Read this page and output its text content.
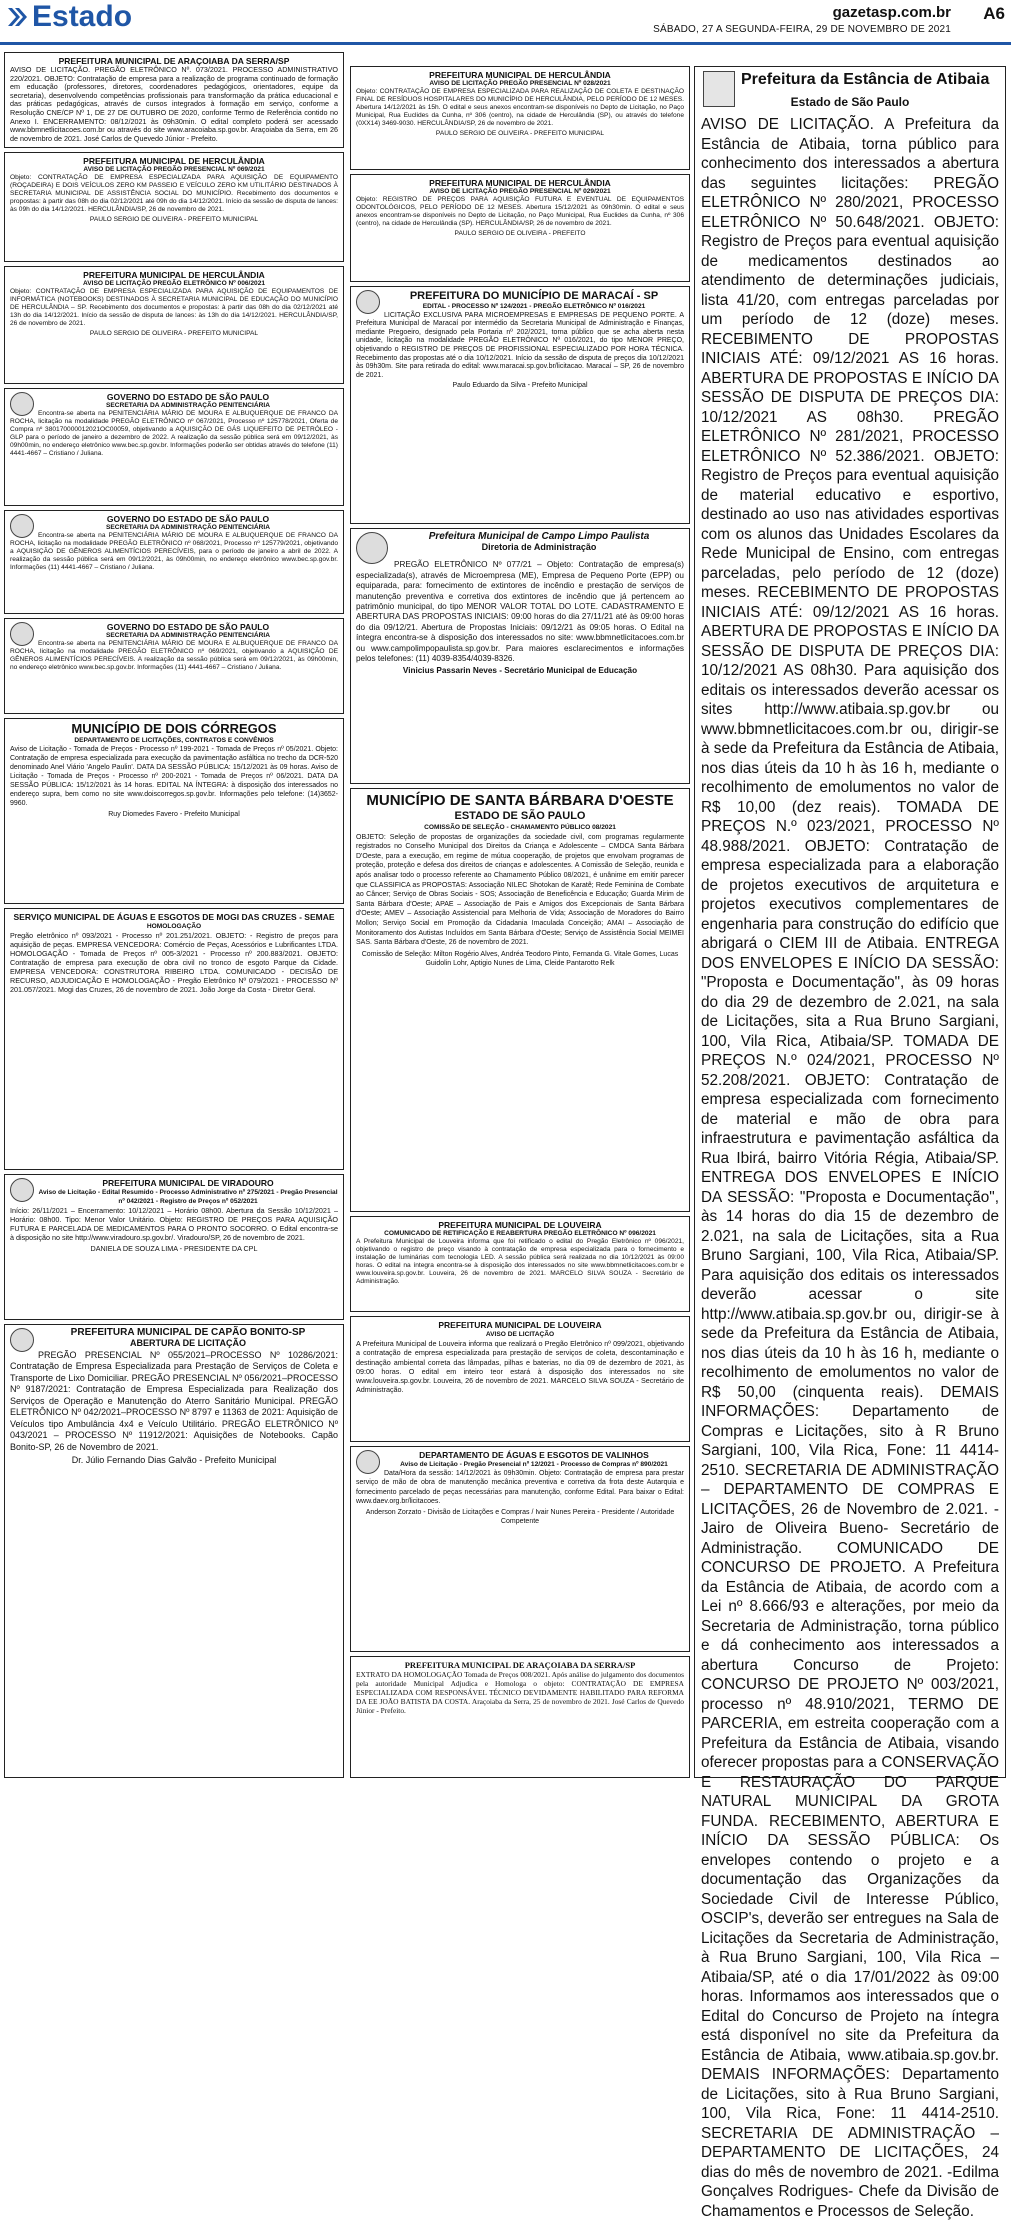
Estado	gazetasp.com.br
SÁBADO, 27 A SEGUNDA-FEIRA, 29 DE NOVEMBRO DE 2021
A6
PREFEITURA MUNICIPAL DE ARAÇOIABA DA SERRA/SP

AVISO DE LICITAÇÃO. PREGÃO ELETRÔNICO Nº. 073/2021. PROCESSO ADMINISTRATIVO 220/2021. OBJETO: Contratação de empresa para a realização de programa continuado de formação em educação (professores, diretores, coordenadores pedagógicos, orientadores, equipe da secretaria), desenvolvendo competências profissionais para transformação da prática educacional e das práticas pedagógicas, através de cursos integrados à formação em serviço, conforme a Resolução CNE/CP Nº 1, DE 27 DE OUTUBRO DE 2020, conforme Termo de Referência contido no Anexo I. ENCERRAMENTO: 08/12/2021 às 09h30min. O edital completo poderá ser acessado www.bbmnetlicitacoes.com.br ou através do site www.aracoiaba.sp.gov.br. Araçoiaba da Serra, em 26 de novembro de 2021. José Carlos de Quevedo Júnior - Prefeito.

PREFEITURA MUNICIPAL DE HERCULÂNDIA
AVISO DE LICITAÇÃO PREGÃO PRESENCIAL Nº 069/2021

Objeto: CONTRATAÇÃO DE EMPRESA ESPECIALIZADA PARA AQUISIÇÃO DE EQUIPAMENTO (ROÇADEIRA) E DOIS VEÍCULOS ZERO KM PASSEIO E VEÍCULO ZERO KM UTILITÁRIO DESTINADOS À SECRETARIA MUNICIPAL DE ASSISTÊNCIA SOCIAL DO MUNICÍPIO. Recebimento dos documentos e propostas: à partir das 08h do dia 02/12/2021 até 09h do dia 14/12/2021. Início da sessão de disputa de lances: às 09h do dia 14/12/2021. HERCULÂNDIA/SP, 26 de novembro de 2021.

PAULO SERGIO DE OLIVEIRA - PREFEITO MUNICIPAL

PREFEITURA MUNICIPAL DE HERCULÂNDIA
AVISO DE LICITAÇÃO PREGÃO ELETRÔNICO Nº 006/2021

Objeto: CONTRATAÇÃO DE EMPRESA ESPECIALIZADA PARA AQUISIÇÃO DE EQUIPAMENTOS DE INFORMÁTICA (NOTEBOOKS) DESTINADOS À SECRETARIA MUNICIPAL DE EDUCAÇÃO DO MUNICÍPIO DE HERCULÂNDIA – SP. Recebimento dos documentos e propostas: à partir das 08h do dia 02/12/2021 até 13h do dia 14/12/2021. Início da sessão de disputa de lances: às 13h do dia 14/12/2021. HERCULÂNDIA/SP, 26 de novembro de 2021.

PAULO SERGIO DE OLIVEIRA - PREFEITO MUNICIPAL

GOVERNO DO ESTADO DE SÃO PAULO
SECRETARIA DA ADMINISTRAÇÃO PENITENCIÁRIA

Encontra-se aberta na PENITENCIÁRIA MÁRIO DE MOURA E ALBUQUERQUE DE FRANCO DA ROCHA, licitação na modalidade PREGÃO ELETRÔNICO nº 067/2021, Processo nº 125778/2021, Oferta de Compra nº 380170000012021OC00059, objetivando a AQUISIÇÃO DE GÁS LIQUEFEITO DE PETRÓLEO - GLP para o período de janeiro a dezembro de 2022. A realização da sessão pública será em 09/12/2021, às 09h00min, no endereço eletrônico www.bec.sp.gov.br. Informações poderão ser obtidas através do telefone (11) 4441-4667 – Cristiano / Juliana.

GOVERNO DO ESTADO DE SÃO PAULO
SECRETARIA DA ADMINISTRAÇÃO PENITENCIÁRIA

Encontra-se aberta na PENITENCIÁRIA MÁRIO DE MOURA E ALBUQUERQUE DE FRANCO DA ROCHA, licitação na modalidade PREGÃO ELETRÔNICO nº 068/2021, Processo nº 125779/2021, objetivando a AQUISIÇÃO DE GÊNEROS ALIMENTÍCIOS PERECÍVEIS, para o período de janeiro a abril de 2022. A realização da sessão pública será em 09/12/2021, às 09h00min, no endereço eletrônico www.bec.sp.gov.br. Informações (11) 4441-4667 – Cristiano / Juliana.

GOVERNO DO ESTADO DE SÃO PAULO
SECRETARIA DA ADMINISTRAÇÃO PENITENCIÁRIA

Encontra-se aberta na PENITENCIÁRIA MÁRIO DE MOURA E ALBUQUERQUE DE FRANCO DA ROCHA, licitação na modalidade PREGÃO ELETRÔNICO nº 069/2021, objetivando a AQUISIÇÃO DE GÊNEROS ALIMENTÍCIOS PERECÍVEIS. A realização da sessão pública será em 09/12/2021, às 09h00min, no endereço eletrônico www.bec.sp.gov.br. Informações (11) 4441-4667 – Cristiano / Juliana.

MUNICÍPIO DE DOIS CÓRREGOS
DEPARTAMENTO DE LICITAÇÕES, CONTRATOS E CONVÊNIOS

Aviso de Licitação - Tomada de Preços - Processo nº 199-2021 - Tomada de Preços nº 05/2021. Objeto: Contratação de empresa especializada para execução da pavimentação asfáltica no trecho da DCR-520 denominado Anel Viário 'Angelo Paulin'. DATA DA SESSÃO PÚBLICA: 15/12/2021 às 09 horas. Aviso de Licitação - Tomada de Preços - Processo nº 200-2021 - Tomada de Preços nº 06/2021. DATA DA SESSÃO PÚBLICA: 15/12/2021 às 14 horas. EDITAL NA ÍNTEGRA: à disposição dos interessados no endereço supra, bem como no site www.doiscorregos.sp.gov.br. Informações pelo telefone: (14)3652-9960.

Ruy Diomedes Favero - Prefeito Municipal

SERVIÇO MUNICIPAL DE ÁGUAS E ESGOTOS DE MOGI DAS CRUZES - SEMAE
HOMOLOGAÇÃO

Pregão eletrônico nº 093/2021 - Processo nº 201.251/2021. OBJETO: - Registro de preços para aquisição de peças. EMPRESA VENCEDORA: Comércio de Peças, Acessórios e Lubrificantes LTDA. HOMOLOGAÇÃO - Tomada de Preços nº 005-3/2021 - Processo nº 200.883/2021. OBJETO: Contratação de empresa para execução de obra civil no tronco de esgoto Parque da Cidade. EMPRESA VENCEDORA: CONSTRUTORA RIBEIRO LTDA. COMUNICADO - DECISÃO DE RECURSO, ADJUDICAÇÃO E HOMOLOGAÇÃO - Pregão Eletrônico Nº 079/2021 - PROCESSO Nº 201.057/2021. Mogi das Cruzes, 26 de novembro de 2021. João Jorge da Costa - Diretor Geral.

PREFEITURA MUNICIPAL DE VIRADOURO
Aviso de Licitação - Edital Resumido - Processo Administrativo nº 275/2021 - Pregão Presencial nº 042/2021 - Registro de Preços nº 052/2021

Início: 26/11/2021 – Encerramento: 10/12/2021 – Horário 08h00. Abertura da Sessão 10/12/2021 – Horário: 08h00. Tipo: Menor Valor Unitário. Objeto: REGISTRO DE PREÇOS PARA AQUISIÇÃO FUTURA E PARCELADA DE MEDICAMENTOS PARA O PRONTO SOCORRO. O Edital encontra-se à disposição no site http://www.viradouro.sp.gov.br/. Viradouro/SP, 26 de novembro de 2021.

DANIELA DE SOUZA LIMA - PRESIDENTE DA CPL

PREFEITURA MUNICIPAL DE CAPÃO BONITO-SP
ABERTURA DE LICITAÇÃO

PREGÃO PRESENCIAL Nº 055/2021–PROCESSO Nº 10286/2021: Contratação de Empresa Especializada para Prestação de Serviços de Coleta e Transporte de Lixo Domiciliar. PREGÃO PRESENCIAL Nº 056/2021–PROCESSO Nº 9187/2021: Contratação de Empresa Especializada para Realização dos Serviços de Operação e Manutenção do Aterro Sanitário Municipal. PREGÃO ELETRÔNICO Nº 042/2021–PROCESSO Nº 8797 e 11363 de 2021: Aquisição de Veículos tipo Ambulância 4x4 e Veículo Utilitário. PREGÃO ELETRÔNICO Nº 043/2021 – PROCESSO Nº 11912/2021: Aquisições de Notebooks. Capão Bonito-SP, 26 de Novembro de 2021.

Dr. Júlio Fernando Dias Galvão - Prefeito Municipal

PREFEITURA MUNICIPAL DE HERCULÂNDIA
AVISO DE LICITAÇÃO PREGÃO PRESENCIAL Nº 028/2021

Objeto: CONTRATAÇÃO DE EMPRESA ESPECIALIZADA PARA REALIZAÇÃO DE COLETA E DESTINAÇÃO FINAL DE RESÍDUOS HOSPITALARES DO MUNICÍPIO DE HERCULÂNDIA, PELO PERÍODO DE 12 MESES. Abertura 14/12/2021 às 15h. O edital e seus anexos encontram-se disponíveis no Depto de Licitação, no Paço Municipal, Rua Euclides da Cunha, nº 306 (centro), na cidade de Herculândia (SP), ou através do telefone (0XX14) 3469-9030. HERCULÂNDIA/SP, 26 de novembro de 2021.

PAULO SERGIO DE OLIVEIRA - PREFEITO MUNICIPAL

PREFEITURA MUNICIPAL DE HERCULÂNDIA
AVISO DE LICITAÇÃO PREGÃO PRESENCIAL Nº 029/2021

Objeto: REGISTRO DE PREÇOS PARA AQUISIÇÃO FUTURA E EVENTUAL DE EQUIPAMENTOS ODONTOLÓGICOS, PELO PERÍODO DE 12 MESES. Abertura 15/12/2021 às 09h30min. O edital e seus anexos encontram-se disponíveis no Depto de Licitação, no Paço Municipal, Rua Euclides da Cunha, nº 306 (centro), na cidade de Herculândia (SP). HERCULÂNDIA/SP, 26 de novembro de 2021.

PAULO SERGIO DE OLIVEIRA - PREFEITO

PREFEITURA DO MUNICÍPIO DE MARACAÍ - SP
EDITAL - PROCESSO Nº 124/2021 - PREGÃO ELETRÔNICO Nº 016/2021

LICITAÇÃO EXCLUSIVA PARA MICROEMPRESAS E EMPRESAS DE PEQUENO PORTE. A Prefeitura Municipal de Maracaí por intermédio da Secretaria Municipal de Administração e Finanças, mediante Pregoeiro, designado pela Portaria nº 202/2021, torna público que se acha aberta nesta unidade, licitação na modalidade PREGÃO ELETRÔNICO Nº 016/2021, do tipo MENOR PREÇO, objetivando o REGISTRO DE PREÇOS DE PROFISSIONAL ESPECIALIZADO POR HORA TÉCNICA. Recebimento das propostas até o dia 10/12/2021. Início da sessão de disputa de preços dia 10/12/2021 às 09h30m. Site para retirada do edital: www.maracai.sp.gov.br/licitacao. Maracaí – SP, 26 de novembro de 2021.

Paulo Eduardo da Silva - Prefeito Municipal

Prefeitura Municipal de Campo Limpo Paulista
Diretoria de Administração

PREGÃO ELETRÔNICO Nº 077/21 – Objeto: Contratação de empresa(s) especializada(s), através de Microempresa (ME), Empresa de Pequeno Porte (EPP) ou equiparada, para: fornecimento de extintores de incêndio e prestação de serviços de manutenção preventiva e corretiva dos extintores de incêndio que já pertencem ao patrimônio municipal, do tipo MENOR VALOR TOTAL DO LOTE. CADASTRAMENTO E ABERTURA DAS PROPOSTAS INICIAIS: 09:00 horas do dia 27/11/21 até às 09:00 horas do dia 09/12/21. Abertura de Propostas Iniciais: 09/12/21 às 09:05 horas. O Edital na íntegra encontra-se à disposição dos interessados no site: www.bbmnetlicitacoes.com.br ou www.campolimpopaulista.sp.gov.br. Para maiores esclarecimentos e informações pelos telefones: (11) 4039-8354/4039-8326.

Vinicius Passarin Neves - Secretário Municipal de Educação

MUNICÍPIO DE SANTA BÁRBARA D'OESTE
ESTADO DE SÃO PAULO
COMISSÃO DE SELEÇÃO - CHAMAMENTO PÚBLICO 08/2021

OBJETO: Seleção de propostas de organizações da sociedade civil, com programas regularmente registrados no Conselho Municipal dos Direitos da Criança e Adolescente – CMDCA Santa Bárbara D'Oeste, para a execução, em regime de mútua cooperação, de projetos que envolvam programas de proteção, proteção e defesa dos direitos de crianças e adolescentes. A Comissão de Seleção, reunida e após analisar todo o processo referente ao Chamamento Público 08/2021, é unânime em emitir parecer que CLASSIFICA as PROPOSTAS: Associação NILEC Shotokan de Karatê; Rede Feminina de Combate ao Câncer; Serviço de Obras Sociais - SOS; Associação de Beneficência e Educação; Guarda Mirim de Santa Bárbara d'Oeste; APAE – Associação de Pais e Amigos dos Excepcionais de Santa Bárbara d'Oeste; AMEV – Associação Assistencial para Melhoria de Vida; Associação de Moradores do Bairro Mollon; Serviço Social em Promoção da Cidadania Imaculada Conceição; AMAI – Associação de Monitoramento dos Autistas Incluídos em Santa Bárbara d'Oeste; Serviço de Assistência Social MEIMEI SAS. Santa Bárbara d'Oeste, 26 de novembro de 2021.

Comissão de Seleção: Milton Rogério Alves, Andréa Teodoro Pinto, Fernanda G. Vitale Gomes, Lucas Guidolin Lohr, Aptigio Nunes de Lima, Cleide Pantarotto Relk

PREFEITURA MUNICIPAL DE LOUVEIRA
COMUNICADO DE RETIFICAÇÃO E REABERTURA PREGÃO ELETRÔNICO Nº 096/2021

A Prefeitura Municipal de Louveira informa que foi retificado o edital do Pregão Eletrônico nº 096/2021, objetivando o registro de preço visando à contratação de empresa especializada para o fornecimento e instalação de luminárias com tecnologia LED. A sessão pública será realizada no dia 10/12/2021 às 09:00 horas. O edital na íntegra encontra-se à disposição dos interessados no site www.bbmnetlicitacoes.com.br e www.louveira.sp.gov.br. Louveira, 26 de novembro de 2021. MARCELO SILVA SOUZA - Secretário de Administração.

PREFEITURA MUNICIPAL DE LOUVEIRA
AVISO DE LICITAÇÃO

A Prefeitura Municipal de Louveira informa que realizará o Pregão Eletrônico nº 099/2021, objetivando a contratação de empresa especializada para prestação de serviços de coleta, descontaminação e destinação ambiental correta das lâmpadas, pilhas e baterias, no dia 09 de dezembro de 2021, às 09:00 horas. O edital em inteiro teor estará à disposição dos interessados no site www.louveira.sp.gov.br. Louveira, 26 de novembro de 2021. MARCELO SILVA SOUZA - Secretário de Administração.

DEPARTAMENTO DE ÁGUAS E ESGOTOS DE VALINHOS
Aviso de Licitação - Pregão Presencial nº 12/2021 - Processo de Compras nº 890/2021

Data/Hora da sessão: 14/12/2021 às 09h30min. Objeto: Contratação de empresa para prestar serviço de mão de obra de manutenção mecânica preventiva e corretiva da frota deste Autarquia e fornecimento parcelado de peças necessárias para manutenção, conforme Edital. Para baixar o Edital: www.daev.org.br/licitacoes.

Anderson Zorzato - Divisão de Licitações e Compras / Ivair Nunes Pereira - Presidente / Autoridade Competente

PREFEITURA MUNICIPAL DE ARAÇOIABA DA SERRA/SP

EXTRATO DA HOMOLOGAÇÃO Tomada de Preços 008/2021. Após análise do julgamento dos documentos pela autoridade Municipal Adjudica e Homologa o objeto: CONTRATAÇÃO DE EMPRESA ESPECIALIZADA COM RESPONSÁVEL TÉCNICO DEVIDAMENTE HABILITADO PARA REFORMA DA EE JOÃO BATISTA DA COSTA. Araçoiaba da Serra, 25 de novembro de 2021. José Carlos de Quevedo Júnior - Prefeito.

Prefeitura da Estância de Atibaia
Estado de São Paulo
AVISO DE LICITAÇÃO. A Prefeitura da Estância de Atibaia, torna público para conhecimento dos interessados a abertura das seguintes licitações: PREGÃO ELETRÔNICO Nº 280/2021, PROCESSO ELETRÔNICO Nº 50.648/2021. OBJETO: Registro de Preços para eventual aquisição de medicamentos destinados ao atendimento de determinações judiciais, lista 41/20, com entregas parceladas por um período de 12 (doze) meses. RECEBIMENTO DE PROPOSTAS INICIAIS ATÉ: 09/12/2021 AS 16 horas. ABERTURA DE PROPOSTAS E INÍCIO DA SESSÃO DE DISPUTA DE PREÇOS DIA: 10/12/2021 AS 08h30. PREGÃO ELETRÔNICO Nº 281/2021, PROCESSO ELETRÔNICO Nº 52.386/2021. OBJETO: Registro de Preços para eventual aquisição de material educativo e esportivo, destinado ao uso nas atividades esportivas com os alunos das Unidades Escolares da Rede Municipal de Ensino, com entregas parceladas, pelo período de 12 (doze) meses. RECEBIMENTO DE PROPOSTAS INICIAIS ATÉ: 09/12/2021 AS 16 horas. ABERTURA DE PROPOSTAS E INÍCIO DA SESSÃO DE DISPUTA DE PREÇOS DIA: 10/12/2021 AS 08h30. Para aquisição dos editais os interessados deverão acessar os sites http://www.atibaia.sp.gov.br ou www.bbmnetlicitacoes.com.br ou, dirigir-se à sede da Prefeitura da Estância de Atibaia, nos dias úteis da 10 h às 16 h, mediante o recolhimento de emolumentos no valor de R$ 10,00 (dez reais). TOMADA DE PREÇOS N.º 023/2021, PROCESSO Nº 48.988/2021. OBJETO: Contratação de empresa especializada para a elaboração de projetos executivos de arquitetura e projetos executivos complementares de engenharia para construção do edifício que abrigará o CIEM III de Atibaia. ENTREGA DOS ENVELOPES E INÍCIO DA SESSÃO: "Proposta e Documentação", às 09 horas do dia 29 de dezembro de 2.021, na sala de Licitações, sita a Rua Bruno Sargiani, 100, Vila Rica, Atibaia/SP. TOMADA DE PREÇOS N.º 024/2021, PROCESSO Nº 52.208/2021. OBJETO: Contratação de empresa especializada com fornecimento de material e mão de obra para infraestrutura e pavimentação asfáltica da Rua Ibirá, bairro Vitória Régia, Atibaia/SP. ENTREGA DOS ENVELOPES E INÍCIO DA SESSÃO: "Proposta e Documentação", às 14 horas do dia 15 de dezembro de 2.021, na sala de Licitações, sita a Rua Bruno Sargiani, 100, Vila Rica, Atibaia/SP. Para aquisição dos editais os interessados deverão acessar o site http://www.atibaia.sp.gov.br ou, dirigir-se à sede da Prefeitura da Estância de Atibaia, nos dias úteis da 10 h às 16 h, mediante o recolhimento de emolumentos no valor de R$ 50,00 (cinquenta reais). DEMAIS INFORMAÇÕES: Departamento de Compras e Licitações, sito à R Bruno Sargiani, 100, Vila Rica, Fone: 11 4414-2510. SECRETARIA DE ADMINISTRAÇÃO – DEPARTAMENTO DE COMPRAS E LICITAÇÕES, 26 de Novembro de 2.021. -Jairo de Oliveira Bueno- Secretário de Administração. COMUNICADO DE CONCURSO DE PROJETO. A Prefeitura da Estância de Atibaia, de acordo com a Lei nº 8.666/93 e alterações, por meio da Secretaria de Administração, torna público e dá conhecimento aos interessados a abertura Concurso de Projeto: CONCURSO DE PROJETO Nº 003/2021, processo nº 48.910/2021, TERMO DE PARCERIA, em estreita cooperação com a Prefeitura da Estância de Atibaia, visando oferecer propostas para a CONSERVAÇÃO E RESTAURAÇÃO DO PARQUE NATURAL MUNICIPAL DA GROTA FUNDA. RECEBIMENTO, ABERTURA E INÍCIO DA SESSÃO PÚBLICA: Os envelopes contendo o projeto e a documentação das Organizações da Sociedade Civil de Interesse Público, OSCIP's, deverão ser entregues na Sala de Licitações da Secretaria de Administração, à Rua Bruno Sargiani, 100, Vila Rica – Atibaia/SP, até o dia 17/01/2022 às 09:00 horas. Informamos aos interessados que o Edital do Concurso de Projeto na íntegra está disponível no site da Prefeitura da Estância de Atibaia, www.atibaia.sp.gov.br. DEMAIS INFORMAÇÕES: Departamento de Licitações, sito à Rua Bruno Sargiani, 100, Vila Rica, Fone: 11 4414-2510. SECRETARIA DE ADMINISTRAÇÃO – DEPARTAMENTO DE LICITAÇÕES, 24 dias do mês de novembro de 2021. -Edilma Gonçalves Rodrigues- Chefe da Divisão de Chamamentos e Processos de Seleção.
